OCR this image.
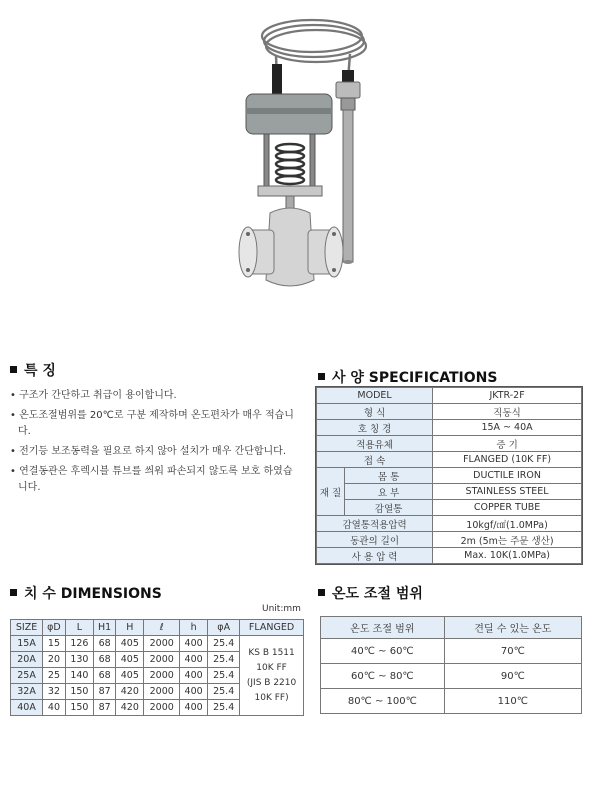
특 징
• 구조가 간단하고 취급이 용이합니다.
• 온도조절범위를 20℃로 구분 제작하며 온도편차가 매우 적습니다.
• 전기등 보조동력을 필요로 하지 않아 설치가 매우 간단합니다.
• 연결동관은 후렉시블 튜브를 씌워 파손되지 않도록 보호 하였습니다.
사 양 SPECIFICATIONS
MODEL		JKTR-2F
형 식		직동식
호 칭 경		15A ~ 40A
적용유체		증 기
접 속		FLANGED (10K FF)
재 질	몸 통	DUCTILE IRON
	요 부	STAINLESS STEEL
	감열통	COPPER TUBE
감열통적용압력		10kgf/㎠(1.0MPa)
동관의 길이		2m (5m는 주문 생산)
사 용 압 력		Max. 10K(1.0MPa)
치 수 DIMENSIONS
Unit:mm
SIZE	φD	L	H1	H	ℓ	h	φA	FLANGED
15A	15	126	68	405	2000	400	25.4	KS B 1511
10K FF
(JIS B 2210
10K FF)
20A	20	130	68	405	2000	400	25.4	
25A	25	140	68	405	2000	400	25.4	
32A	32	150	87	420	2000	400	25.4	
40A	40	150	87	420	2000	400	25.4	
온도 조절 범위
온도 조절 범위	견딜 수 있는 온도
40℃ ~ 60℃	70℃
60℃ ~ 80℃	90℃
80℃ ~ 100℃	110℃
